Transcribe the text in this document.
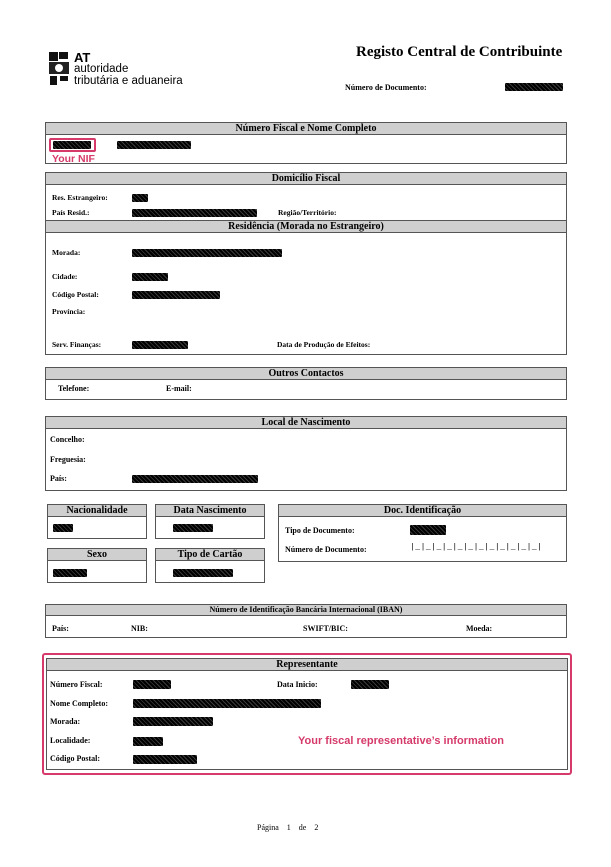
AT
autoridade
tributária e aduaneira
Registo Central de Contribuinte
Número de Documento:
Número Fiscal e Nome Completo
Your NIF
Domicílio Fiscal
Res. Estrangeiro:
País Resid.:	Região/Território:
Residência (Morada no Estrangeiro)
Morada:
Cidade:
Código Postal:
Província:
Serv. Finanças:	Data de Produção de Efeitos:
Outros Contactos
Telefone:	E-mail:
Local de Nascimento
Concelho:
Freguesia:
País:
Nacionalidade	Data Nascimento
Sexo	Tipo de Cartão
Doc. Identificação
Tipo de Documento:
Número de Documento:	|_|_|_|_|_|_|_|_|_|_|_|_|
Número de Identificação Bancária Internacional (IBAN)
País:	NIB:	SWIFT/BIC:	Moeda:
Representante
Número Fiscal:	Data Inicio:
Nome Completo:
Morada:
Localidade:
Código Postal:
Your fiscal representative’s information
Página 1 de 2
